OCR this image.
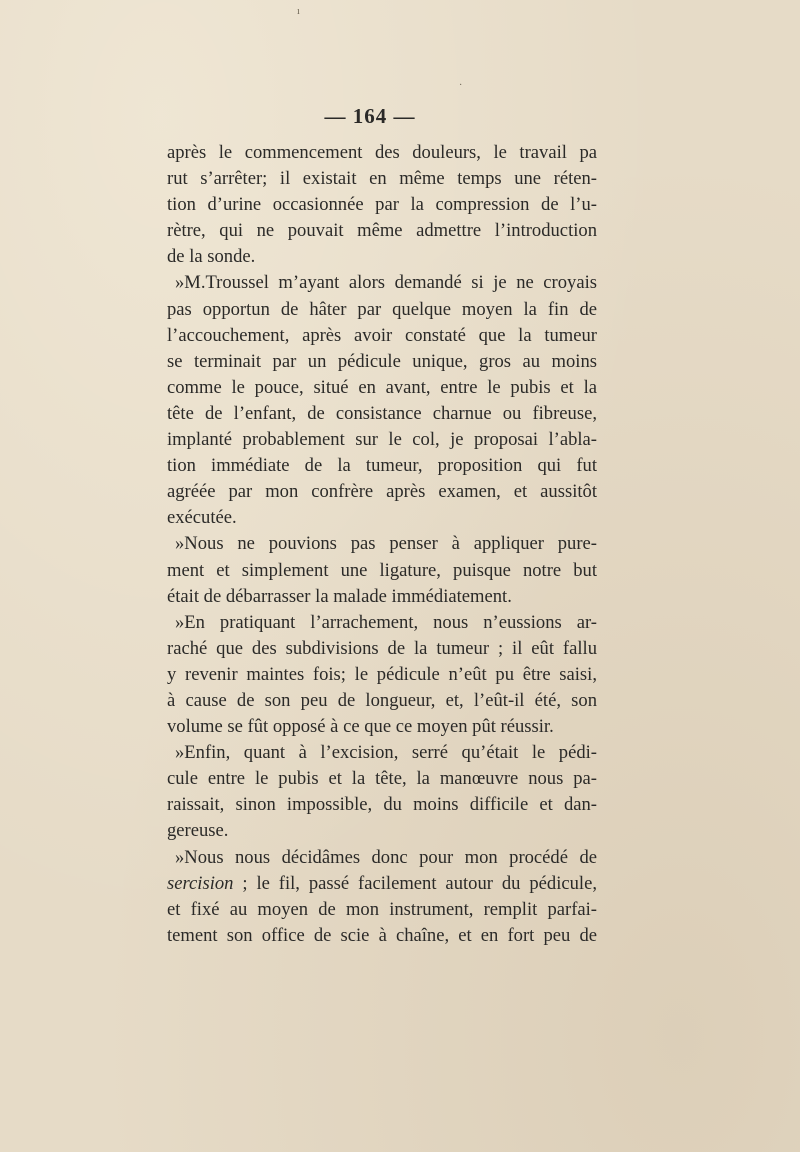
ı
·
— 164 —
après le commencement des douleurs, le travail pa
rut s’arrêter; il existait en même temps une réten-
tion d’urine occasionnée par la compression de l’u-
rètre, qui ne pouvait même admettre l’introduction
de la sonde.
»M.Troussel m’ayant alors demandé si je ne croyais
pas opportun de hâter par quelque moyen la fin de
l’accouchement, après avoir constaté que la tumeur
se terminait par un pédicule unique, gros au moins
comme le pouce, situé en avant, entre le pubis et la
tête de l’enfant, de consistance charnue ou fibreuse,
implanté probablement sur le col, je proposai l’abla-
tion immédiate de la tumeur, proposition qui fut
agréée par mon confrère après examen, et aussitôt
exécutée.
»Nous ne pouvions pas penser à appliquer pure-
ment et simplement une ligature, puisque notre but
était de débarrasser la malade immédiatement.
»En pratiquant l’arrachement, nous n’eussions ar-
raché que des subdivisions de la tumeur ; il eût fallu
y revenir maintes fois; le pédicule n’eût pu être saisi,
à cause de son peu de longueur, et, l’eût-il été, son
volume se fût opposé à ce que ce moyen pût réussir.
»Enfin, quant à l’excision, serré qu’était le pédi-
cule entre le pubis et la tête, la manœuvre nous pa-
raissait, sinon impossible, du moins difficile et dan-
gereuse.
»Nous nous décidâmes donc pour mon procédé de
sercision ; le fil, passé facilement autour du pédicule,
et fixé au moyen de mon instrument, remplit parfai-
tement son office de scie à chaîne, et en fort peu de
